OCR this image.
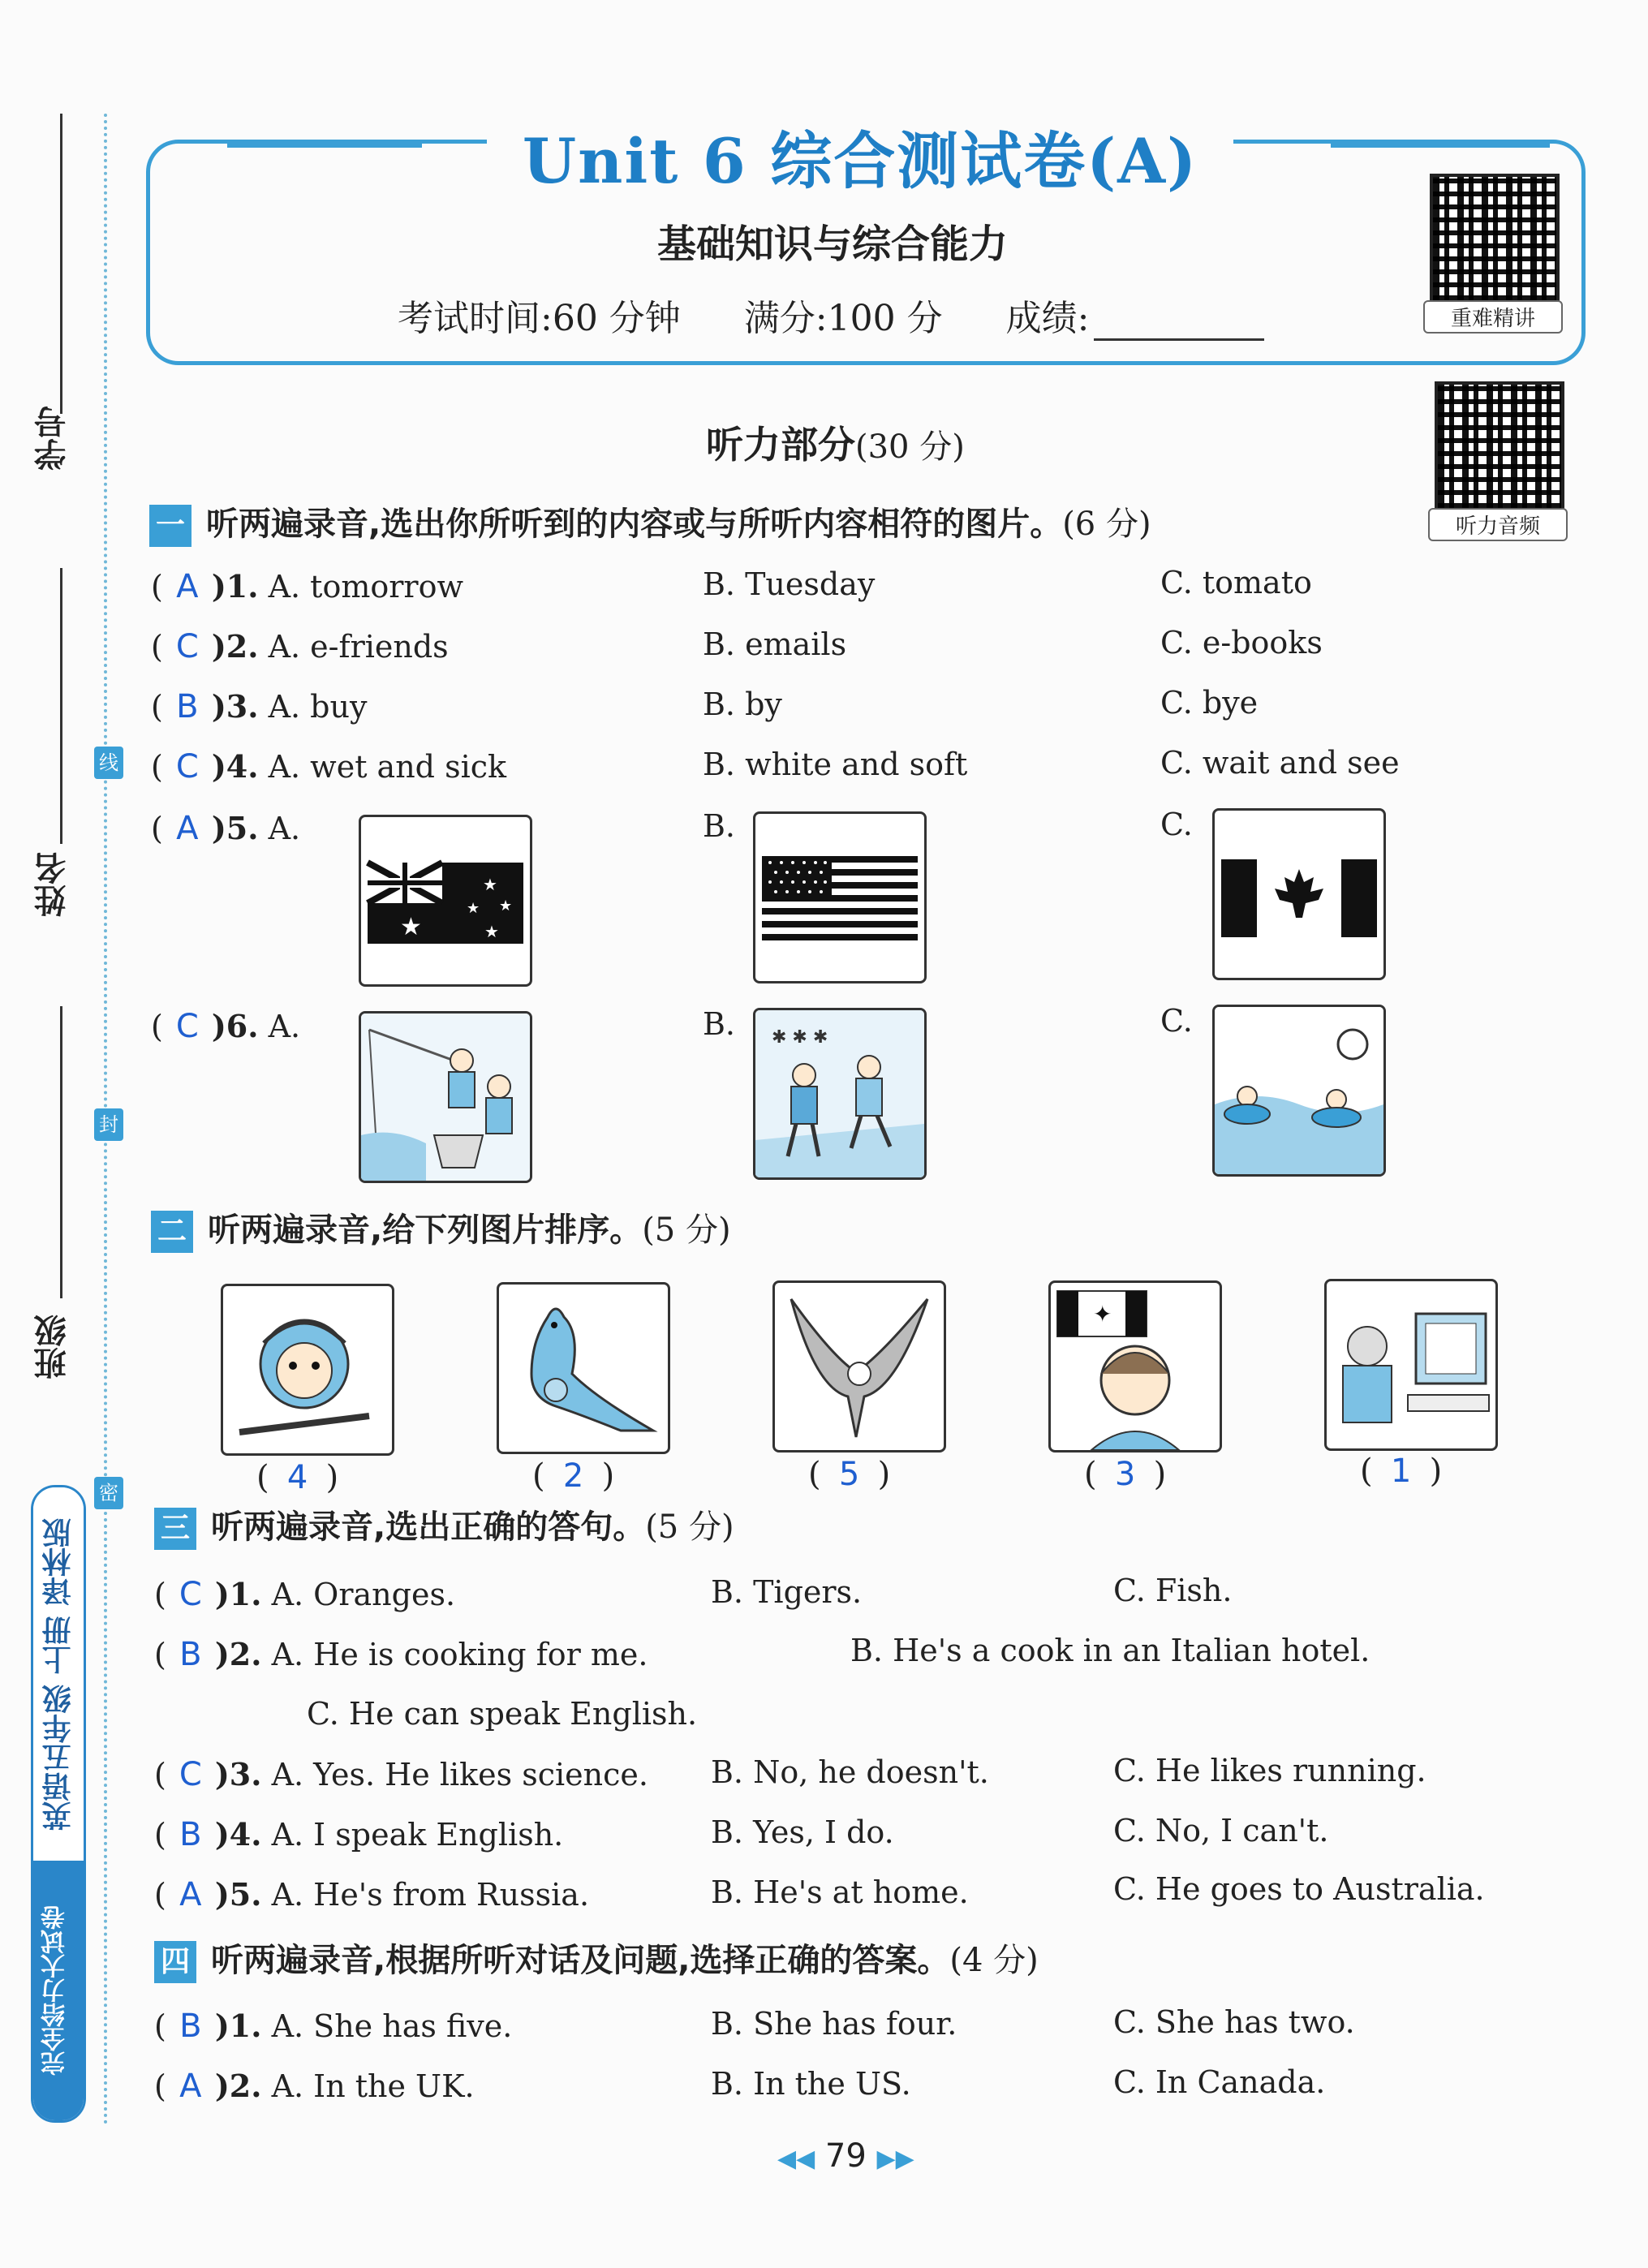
学号
姓名
班级
线
封
密
英语五年级 上册 译林版
完全给力大试卷
Unit 6 综合测试卷(A)
基础知识与综合能力
考试时间:60 分钟 满分:100 分 成绩:	重难精讲
听力音频
听力部分(30 分)
一 听两遍录音,选出你所听到的内容或与所听内容相符的图片。(6 分)
( A )1. A. tomorrow	B. Tuesday	C. tomato
( C )2. A. e-friends	B. emails	C. e-books
( B )3. A. buy	B. by	C. bye
( C )4. A. wet and sick	B. white and soft	C. wait and see
( A )5. A.	B.	C.
★
★
★
★
★
( C )6. A.	B.	C.
✱ ✱ ✱
二 听两遍录音,给下列图片排序。(5 分)
✦
( 4 )	( 2 )	( 5 )	( 3 )	( 1 )
三 听两遍录音,选出正确的答句。(5 分)
( C )1. A. Oranges.	B. Tigers.	C. Fish.
( B )2. A. He is cooking for me.	B. He's a cook in an Italian hotel.
C. He can speak English.
( C )3. A. Yes. He likes science. B. No, he doesn't.	C. He likes running.
( B )4. A. I speak English.	B. Yes, I do.	C. No, I can't.
( A )5. A. He's from Russia.	B. He's at home.	C. He goes to Australia.
四 听两遍录音,根据所听对话及问题,选择正确的答案。(4 分)
( B )1. A. She has five.	B. She has four.	C. She has two.
( A )2. A. In the UK.	B. In the US.	C. In Canada.
◀◀ 79 ▶▶
